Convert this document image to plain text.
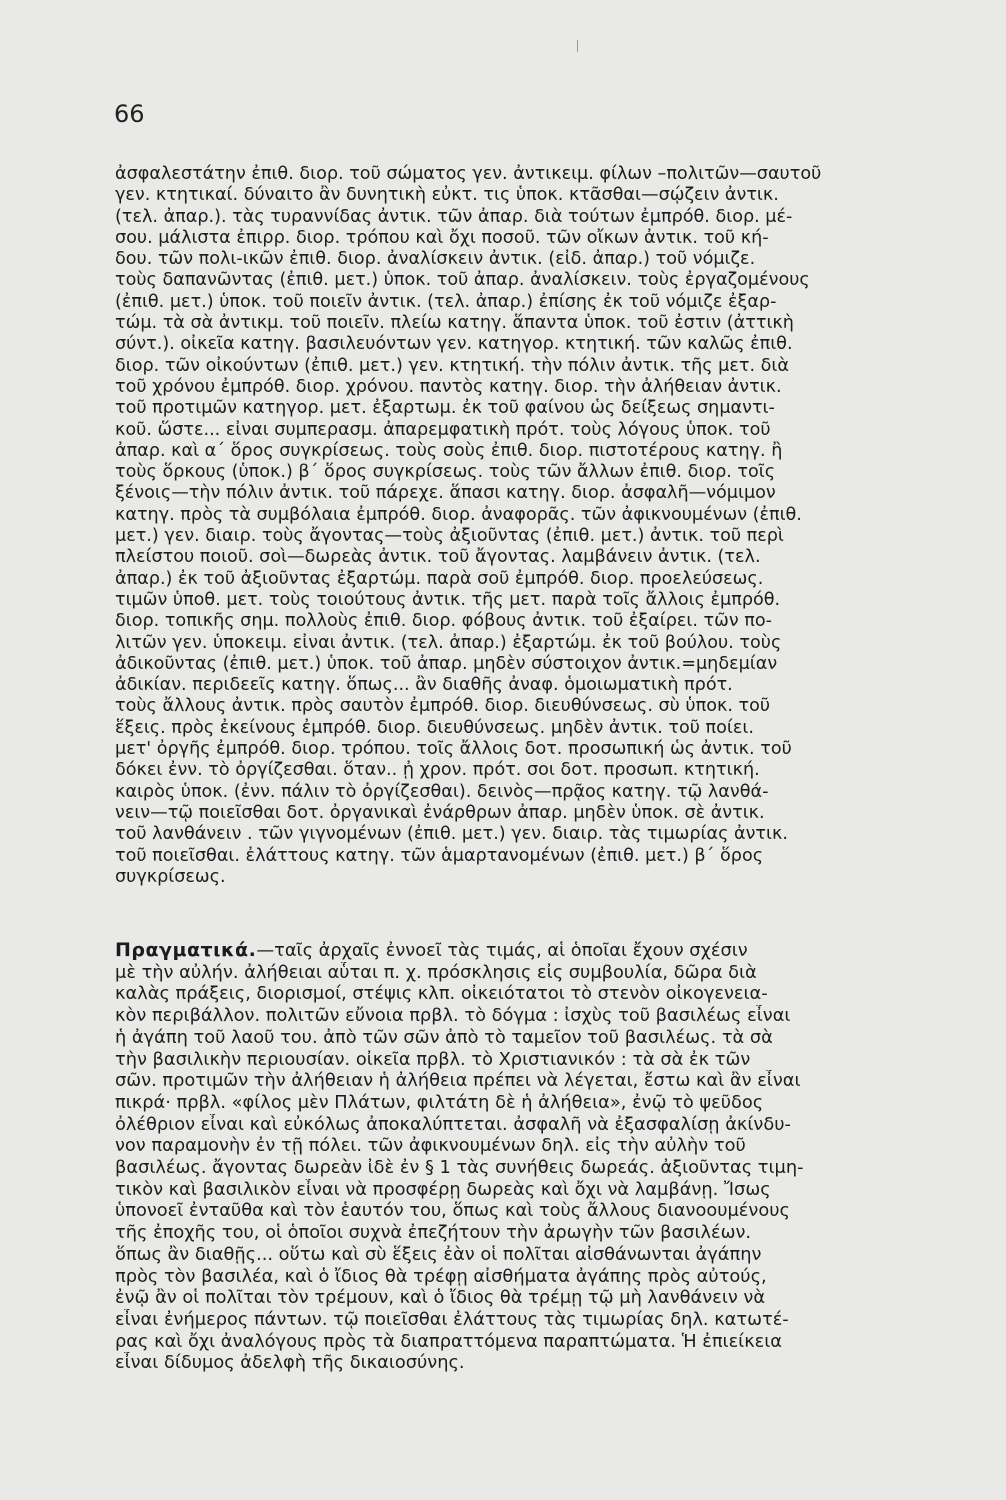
66
ἀσφαλεστάτην ἐπιθ. διορ. τοῦ σώματος γεν. ἀντικειμ. φίλων –πολιτῶν—σαυτοῦ
γεν. κτητικαί. δύναιτο ἂν δυνητικὴ εὐκτ. τις ὑποκ. κτᾶσθαι—σῴζειν ἀντικ.
(τελ. ἀπαρ.). τὰς τυραννίδας ἀντικ. τῶν ἀπαρ. διὰ τούτων ἐμπρόθ. διορ. μέ-
σου. μάλιστα ἐπιρρ. διορ. τρόπου καὶ ὄχι ποσοῦ. τῶν οἴκων ἀντικ. τοῦ κή-
δου. τῶν πολι-ικῶν ἐπιθ. διορ. ἀναλίσκειν ἀντικ. (εἰδ. ἀπαρ.) τοῦ νόμιζε.
τοὺς δαπανῶντας (ἐπιθ. μετ.) ὑποκ. τοῦ ἀπαρ. ἀναλίσκειν. τοὺς ἐργαζομένους
(ἐπιθ. μετ.) ὑποκ. τοῦ ποιεῖν ἀντικ. (τελ. ἀπαρ.) ἐπίσης ἐκ τοῦ νόμιζε ἐξαρ-
τώμ. τὰ σὰ ἀντικμ. τοῦ ποιεῖν. πλείω κατηγ. ἅπαντα ὑποκ. τοῦ ἐστιν (ἀττικὴ
σύντ.). οἰκεῖα κατηγ. βασιλευόντων γεν. κατηγορ. κτητική. τῶν καλῶς ἐπιθ.
διορ. τῶν οἰκούντων (ἐπιθ. μετ.) γεν. κτητική. τὴν πόλιν ἀντικ. τῆς μετ. διὰ
τοῦ χρόνου ἐμπρόθ. διορ. χρόνου. παντὸς κατηγ. διορ. τὴν ἀλήθειαν ἀντικ.
τοῦ προτιμῶν κατηγορ. μετ. ἐξαρτωμ. ἐκ τοῦ φαίνου ὡς δείξεως σημαντι-
κοῦ. ὥστε... εἶναι συμπερασμ. ἀπαρεμφατικὴ πρότ. τοὺς λόγους ὑποκ. τοῦ
ἀπαρ. καὶ α΄ ὅρος συγκρίσεως. τοὺς σοὺς ἐπιθ. διορ. πιστοτέρους κατηγ. ἢ
τοὺς ὅρκους (ὑποκ.) β΄ ὅρος συγκρίσεως. τοὺς τῶν ἄλλων ἐπιθ. διορ. τοῖς
ξένοις—τὴν πόλιν ἀντικ. τοῦ πάρεχε. ἅπασι κατηγ. διορ. ἀσφαλῆ—νόμιμον
κατηγ. πρὸς τὰ συμβόλαια ἐμπρόθ. διορ. ἀναφορᾶς. τῶν ἀφικνουμένων (ἐπιθ.
μετ.) γεν. διαιρ. τοὺς ἄγοντας—τοὺς ἀξιοῦντας (ἐπιθ. μετ.) ἀντικ. τοῦ περὶ
πλείστου ποιοῦ. σοὶ—δωρεὰς ἀντικ. τοῦ ἄγοντας. λαμβάνειν ἀντικ. (τελ.
ἀπαρ.) ἐκ τοῦ ἀξιοῦντας ἐξαρτώμ. παρὰ σοῦ ἐμπρόθ. διορ. προελεύσεως.
τιμῶν ὑποθ. μετ. τοὺς τοιούτους ἀντικ. τῆς μετ. παρὰ τοῖς ἄλλοις ἐμπρόθ.
διορ. τοπικῆς σημ. πολλοὺς ἐπιθ. διορ. φόβους ἀντικ. τοῦ ἐξαίρει. τῶν πο-
λιτῶν γεν. ὑποκειμ. εἶναι ἀντικ. (τελ. ἀπαρ.) ἐξαρτώμ. ἐκ τοῦ βούλου. τοὺς
ἀδικοῦντας (ἐπιθ. μετ.) ὑποκ. τοῦ ἀπαρ. μηδὲν σύστοιχον ἀντικ.=μηδεμίαν
ἀδικίαν. περιδεεῖς κατηγ. ὅπως... ἂν διαθῆς ἀναφ. ὁμοιωματικὴ πρότ.
τοὺς ἄλλους ἀντικ. πρὸς σαυτὸν ἐμπρόθ. διορ. διευθύνσεως. σὺ ὑποκ. τοῦ
ἕξεις. πρὸς ἐκείνους ἐμπρόθ. διορ. διευθύνσεως. μηδὲν ἀντικ. τοῦ ποίει.
μετ' ὀργῆς ἐμπρόθ. διορ. τρόπου. τοῖς ἄλλοις δοτ. προσωπική ὡς ἀντικ. τοῦ
δόκει ἐνν. τὸ ὀργίζεσθαι. ὅταν.. ᾖ χρον. πρότ. σοι δοτ. προσωπ. κτητική.
καιρὸς ὑποκ. (ἐνν. πάλιν τὸ ὀργίζεσθαι). δεινὸς—πρᾷος κατηγ. τῷ λανθά-
νειν—τῷ ποιεῖσθαι δοτ. ὀργανικαὶ ἐνάρθρων ἀπαρ. μηδὲν ὑποκ. σὲ ἀντικ.
τοῦ λανθάνειν . τῶν γιγνομένων (ἐπιθ. μετ.) γεν. διαιρ. τὰς τιμωρίας ἀντικ.
τοῦ ποιεῖσθαι. ἐλάττους κατηγ. τῶν ἁμαρτανομένων (ἐπιθ. μετ.) β΄ ὅρος
συγκρίσεως.
Πραγματικά.—ταῖς ἀρχαῖς ἐννοεῖ τὰς τιμάς, αἱ ὁποῖαι ἔχουν σχέσιν
μὲ τὴν αὐλήν. ἀλήθειαι αὗται π. χ. πρόσκλησις εἰς συμβουλία, δῶρα διὰ
καλὰς πράξεις, διορισμοί, στέψις κλπ. οἰκειότατοι τὸ στενὸν οἰκογενεια-
κὸν περιβάλλον. πολιτῶν εὔνοια πρβλ. τὸ δόγμα : ἰσχὺς τοῦ βασιλέως εἶναι
ἡ ἀγάπη τοῦ λαοῦ του. ἀπὸ τῶν σῶν ἀπὸ τὸ ταμεῖον τοῦ βασιλέως. τὰ σὰ
τὴν βασιλικὴν περιουσίαν. οἰκεῖα πρβλ. τὸ Χριστιανικόν : τὰ σὰ ἐκ τῶν
σῶν. προτιμῶν τὴν ἀλήθειαν ἡ ἀλήθεια πρέπει νὰ λέγεται, ἔστω καὶ ἂν εἶναι
πικρά· πρβλ. «φίλος μὲν Πλάτων, φιλτάτη δὲ ἡ ἀλήθεια», ἐνῷ τὸ ψεῦδος
ὀλέθριον εἶναι καὶ εὐκόλως ἀποκαλύπτεται. ἀσφαλῆ νὰ ἐξασφαλίσῃ ἀκίνδυ-
νον παραμονὴν ἐν τῇ πόλει. τῶν ἀφικνουμένων δηλ. εἰς τὴν αὐλὴν τοῦ
βασιλέως. ἄγοντας δωρεὰν ἰδὲ ἐν § 1 τὰς συνήθεις δωρεάς. ἀξιοῦντας τιμη-
τικὸν καὶ βασιλικὸν εἶναι νὰ προσφέρῃ δωρεὰς καὶ ὄχι νὰ λαμβάνῃ. Ἴσως
ὑπονοεῖ ἐνταῦθα καὶ τὸν ἑαυτόν του, ὅπως καὶ τοὺς ἄλλους διανοουμένους
τῆς ἐποχῆς του, οἱ ὁποῖοι συχνὰ ἐπεζήτουν τὴν ἀρωγὴν τῶν βασιλέων.
ὅπως ἂν διαθῇς... οὕτω καὶ σὺ ἕξεις ἐὰν οἱ πολῖται αἰσθάνωνται ἀγάπην
πρὸς τὸν βασιλέα, καὶ ὁ ἴδιος θὰ τρέφῃ αἰσθήματα ἀγάπης πρὸς αὐτούς,
ἐνῷ ἂν οἱ πολῖται τὸν τρέμουν, καὶ ὁ ἴδιος θὰ τρέμῃ τῷ μὴ λανθάνειν νὰ
εἶναι ἐνήμερος πάντων. τῷ ποιεῖσθαι ἐλάττους τὰς τιμωρίας δηλ. κατωτέ-
ρας καὶ ὄχι ἀναλόγους πρὸς τὰ διαπραττόμενα παραπτώματα. Ἡ ἐπιείκεια
εἶναι δίδυμος ἀδελφὴ τῆς δικαιοσύνης.
